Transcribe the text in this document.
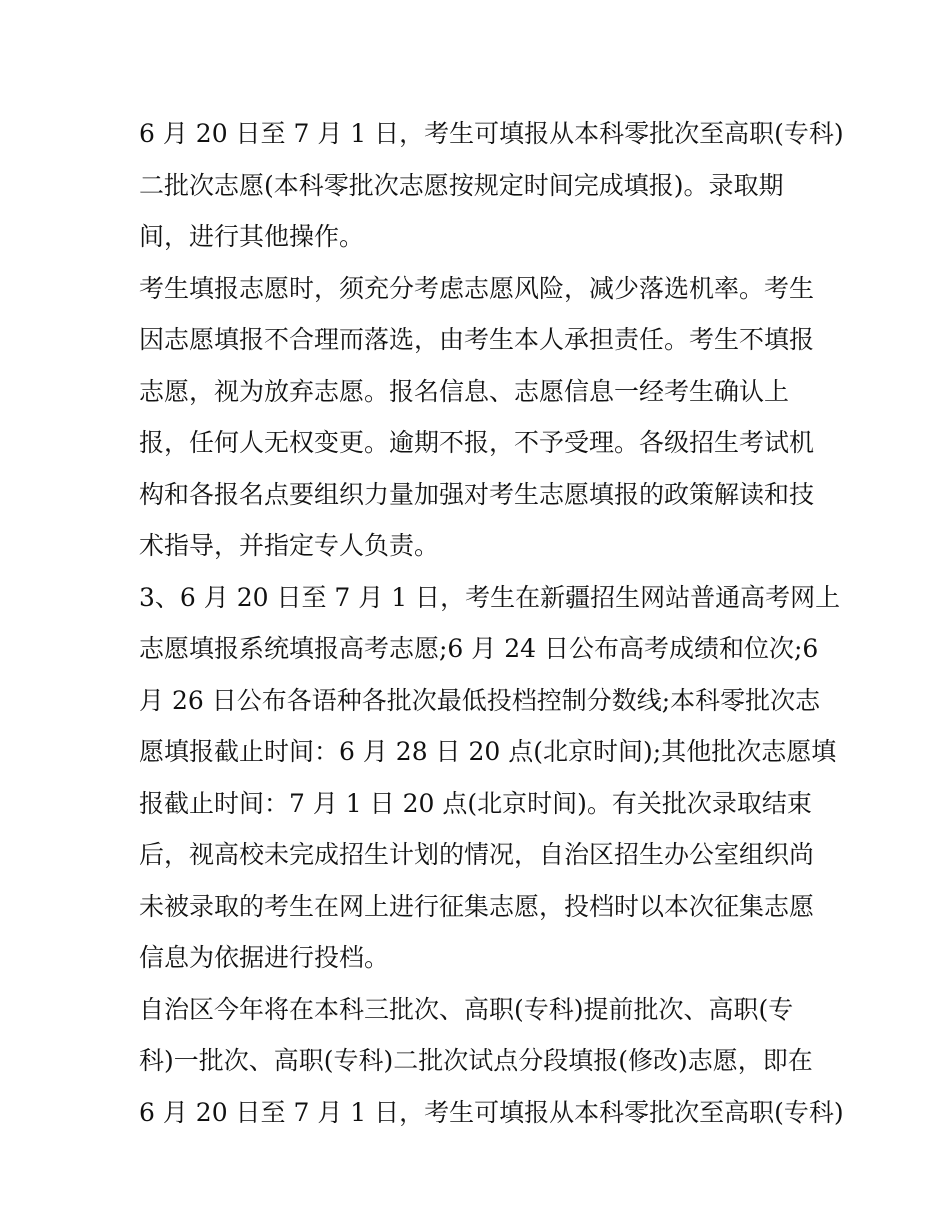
6 月 20 日至 7 月 1 日，考生可填报从本科零批次至高职(专科)
二批次志愿(本科零批次志愿按规定时间完成填报)。录取期
间，进行其他操作。
考生填报志愿时，须充分考虑志愿风险，减少落选机率。考生
因志愿填报不合理而落选，由考生本人承担责任。考生不填报
志愿，视为放弃志愿。报名信息、志愿信息一经考生确认上
报，任何人无权变更。逾期不报，不予受理。各级招生考试机
构和各报名点要组织力量加强对考生志愿填报的政策解读和技
术指导，并指定专人负责。
3、6 月 20 日至 7 月 1 日，考生在新疆招生网站普通高考网上
志愿填报系统填报高考志愿;6 月 24 日公布高考成绩和位次;6
月 26 日公布各语种各批次最低投档控制分数线;本科零批次志
愿填报截止时间：6 月 28 日 20 点(北京时间);其他批次志愿填
报截止时间：7 月 1 日 20 点(北京时间)。有关批次录取结束
后，视高校未完成招生计划的情况，自治区招生办公室组织尚
未被录取的考生在网上进行征集志愿，投档时以本次征集志愿
信息为依据进行投档。
自治区今年将在本科三批次、高职(专科)提前批次、高职(专
科)一批次、高职(专科)二批次试点分段填报(修改)志愿，即在
6 月 20 日至 7 月 1 日，考生可填报从本科零批次至高职(专科)
